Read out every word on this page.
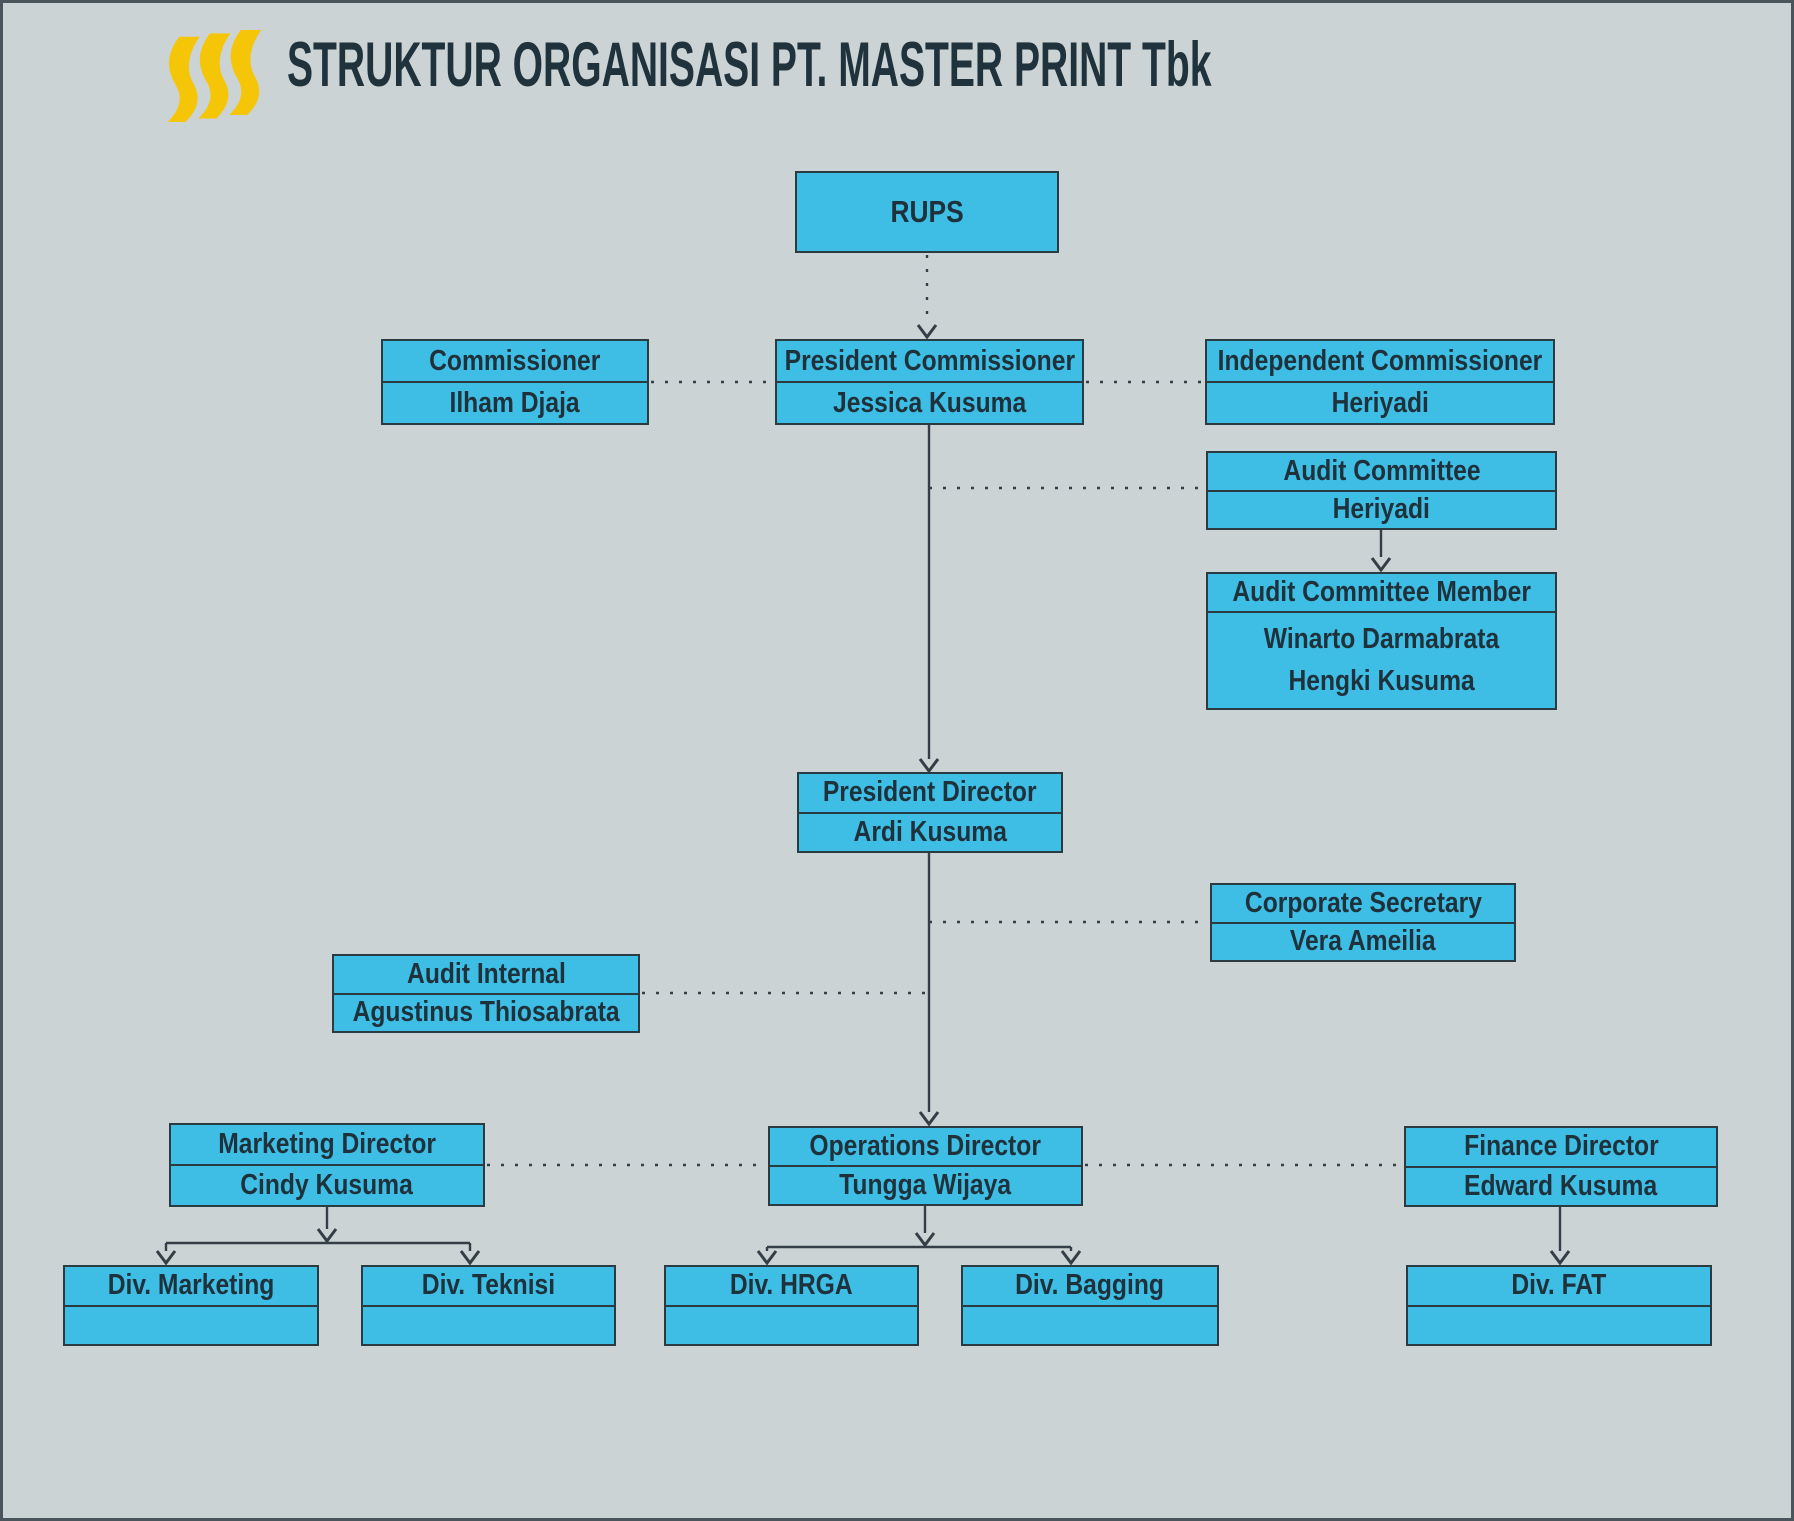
STRUKTUR ORGANISASI PT. MASTER PRINT Tbk
RUPS
Commissioner
Ilham Djaja
President Commissioner
Jessica Kusuma
Independent Commissioner
Heriyadi
Audit Committee
Heriyadi
Audit Committee Member
Winarto Darmabrata
Hengki Kusuma
President Director
Ardi Kusuma
Corporate Secretary
Vera Ameilia
Audit Internal
Agustinus Thiosabrata
Marketing Director
Cindy Kusuma
Operations Director
Tungga Wijaya
Finance Director
Edward Kusuma
Div. Marketing	Div. Teknisi	Div. HRGA	Div. Bagging	Div. FAT
